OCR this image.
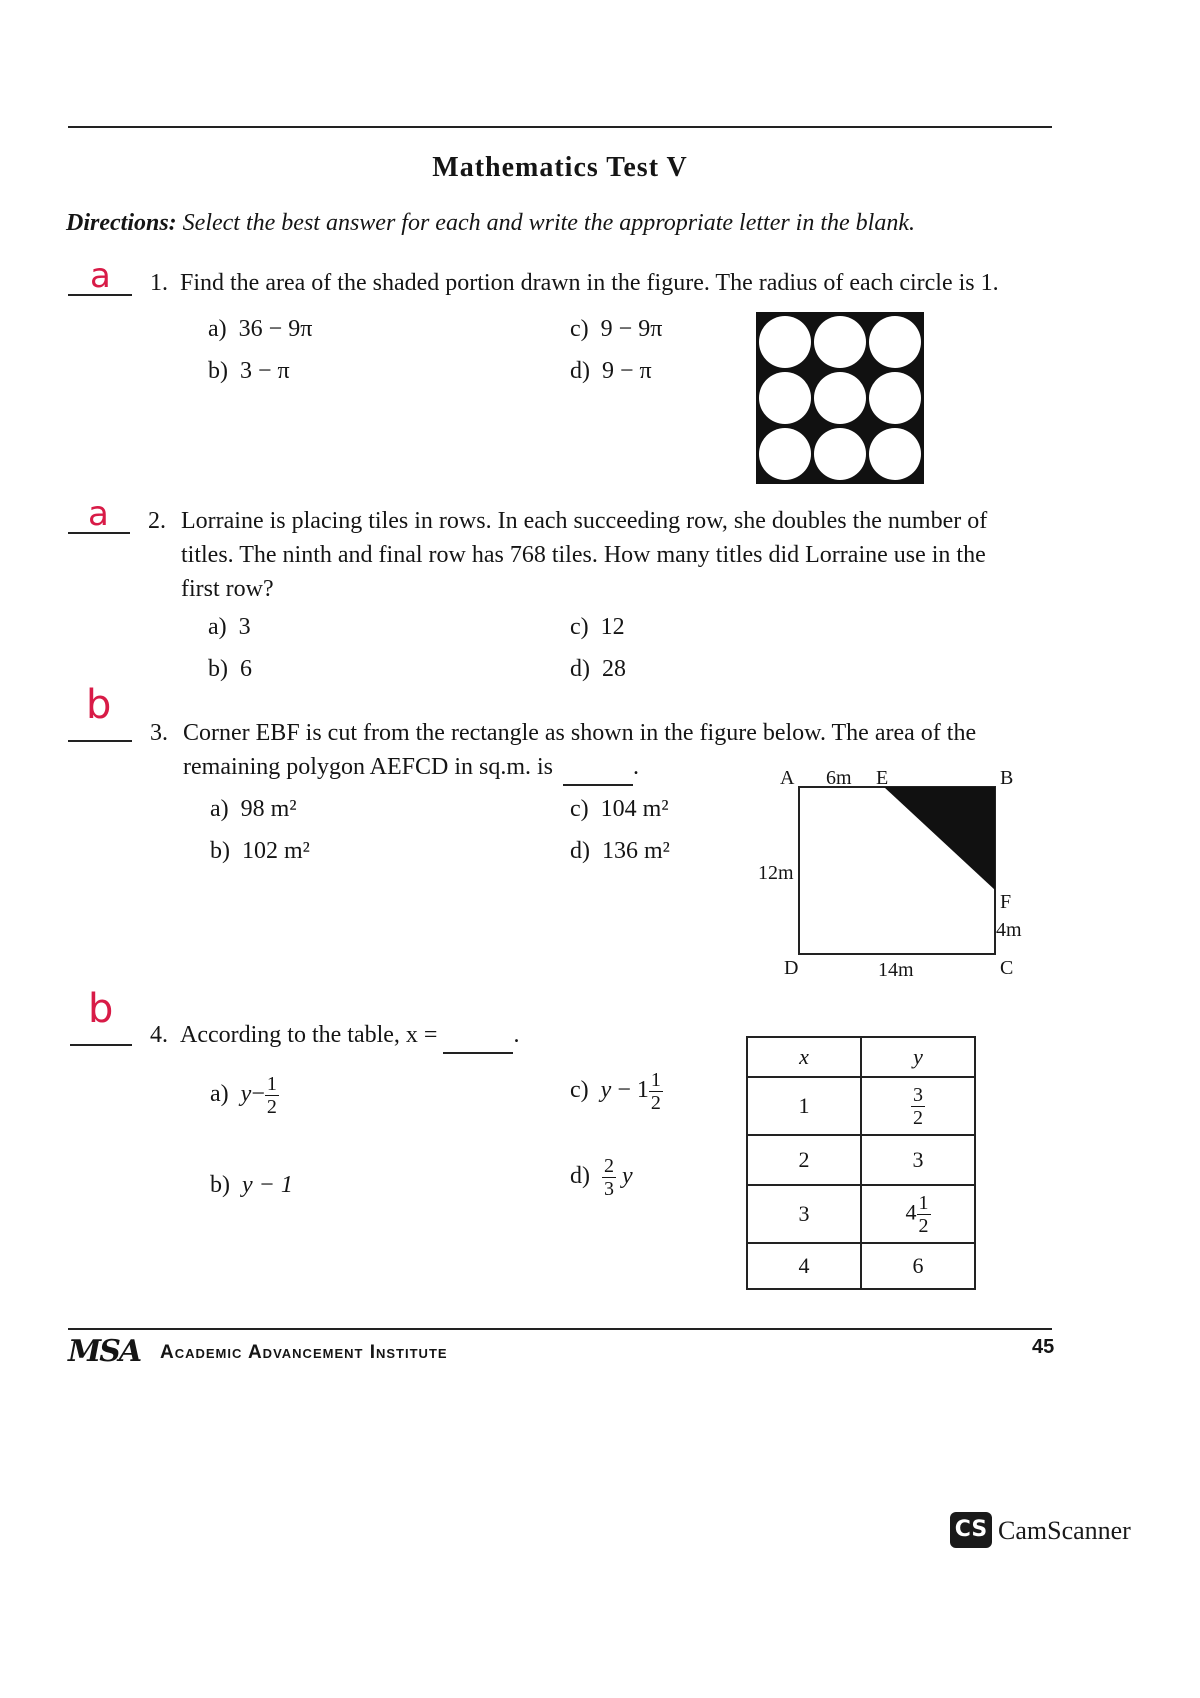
Mathematics Test V
Directions: Select the best answer for each and write the appropriate letter in the blank.
a 1. Find the area of the shaded portion drawn in the figure. The radius of each circle is 1.
a) 36 − 9π
b) 3 − π
c) 9 − 9π
d) 9 − π
a 2. Lorraine is placing tiles in rows. In each succeeding row, she doubles the number of
titles. The ninth and final row has 768 tiles. How many titles did Lorraine use in the
first row?
a) 3
b) 6
c) 12
d) 28
d
3. Corner EBF is cut from the rectangle as shown in the figure below. The area of the
remaining polygon AEFCD in sq.m. is	.
a) 98 m²
b) 102 m²
c) 104 m²
d) 136 m²
A 6m E	B
12m
F
4m
D	14m	C
d
4. According to the table, x =	.
a) $y- \frac{1}{2}$
b) y − 1
c) $y - 1 \frac{1}{2}$
$d) \frac{2}{3}$ y
x	y
1	$\frac{3}{2}$

2	3
3	$4 \frac{1}{2}$

4	6
MSA Academic Advancement Institute	45
CS CamScanner
